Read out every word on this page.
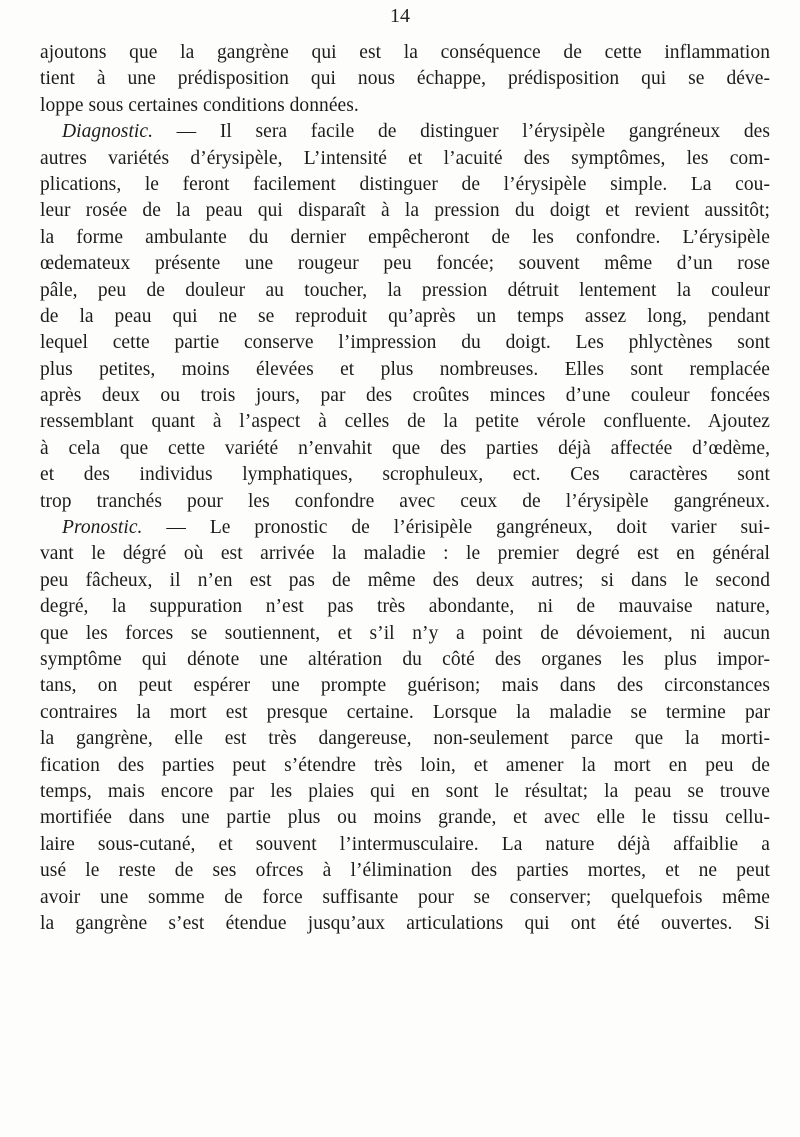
14
ajoutons que la gangrène qui est la conséquence de cette inflammation
tient à une prédisposition qui nous échappe, prédisposition qui se déve-
loppe sous certaines conditions données.
Diagnostic. — Il sera facile de distinguer l’érysipèle gangréneux des
autres variétés d’érysipèle, L’intensité et l’acuité des symptômes, les com-
plications, le feront facilement distinguer de l’érysipèle simple. La cou-
leur rosée de la peau qui disparaît à la pression du doigt et revient aussitôt;
la forme ambulante du dernier empêcheront de les confondre. L’érysipèle
œdemateux présente une rougeur peu foncée; souvent même d’un rose
pâle, peu de douleur au toucher, la pression détruit lentement la couleur
de la peau qui ne se reproduit qu’après un temps assez long, pendant
lequel cette partie conserve l’impression du doigt. Les phlyctènes sont
plus petites, moins élevées et plus nombreuses. Elles sont remplacée
après deux ou trois jours, par des croûtes minces d’une couleur foncées
ressemblant quant à l’aspect à celles de la petite vérole confluente. Ajoutez
à cela que cette variété n’envahit que des parties déjà affectée d’œdème,
et des individus lymphatiques, scrophuleux, ect. Ces caractères sont
trop tranchés pour les confondre avec ceux de l’érysipèle gangréneux.
Pronostic. — Le pronostic de l’érisipèle gangréneux, doit varier sui-
vant le dégré où est arrivée la maladie : le premier degré est en général
peu fâcheux, il n’en est pas de même des deux autres; si dans le second
degré, la suppuration n’est pas très abondante, ni de mauvaise nature,
que les forces se soutiennent, et s’il n’y a point de dévoiement, ni aucun
symptôme qui dénote une altération du côté des organes les plus impor-
tans, on peut espérer une prompte guérison; mais dans des circonstances
contraires la mort est presque certaine. Lorsque la maladie se termine par
la gangrène, elle est très dangereuse, non-seulement parce que la morti-
fication des parties peut s’étendre très loin, et amener la mort en peu de
temps, mais encore par les plaies qui en sont le résultat; la peau se trouve
mortifiée dans une partie plus ou moins grande, et avec elle le tissu cellu-
laire sous-cutané, et souvent l’intermusculaire. La nature déjà affaiblie a
usé le reste de ses ofrces à l’élimination des parties mortes, et ne peut
avoir une somme de force suffisante pour se conserver; quelquefois même
la gangrène s’est étendue jusqu’aux articulations qui ont été ouvertes. Si
